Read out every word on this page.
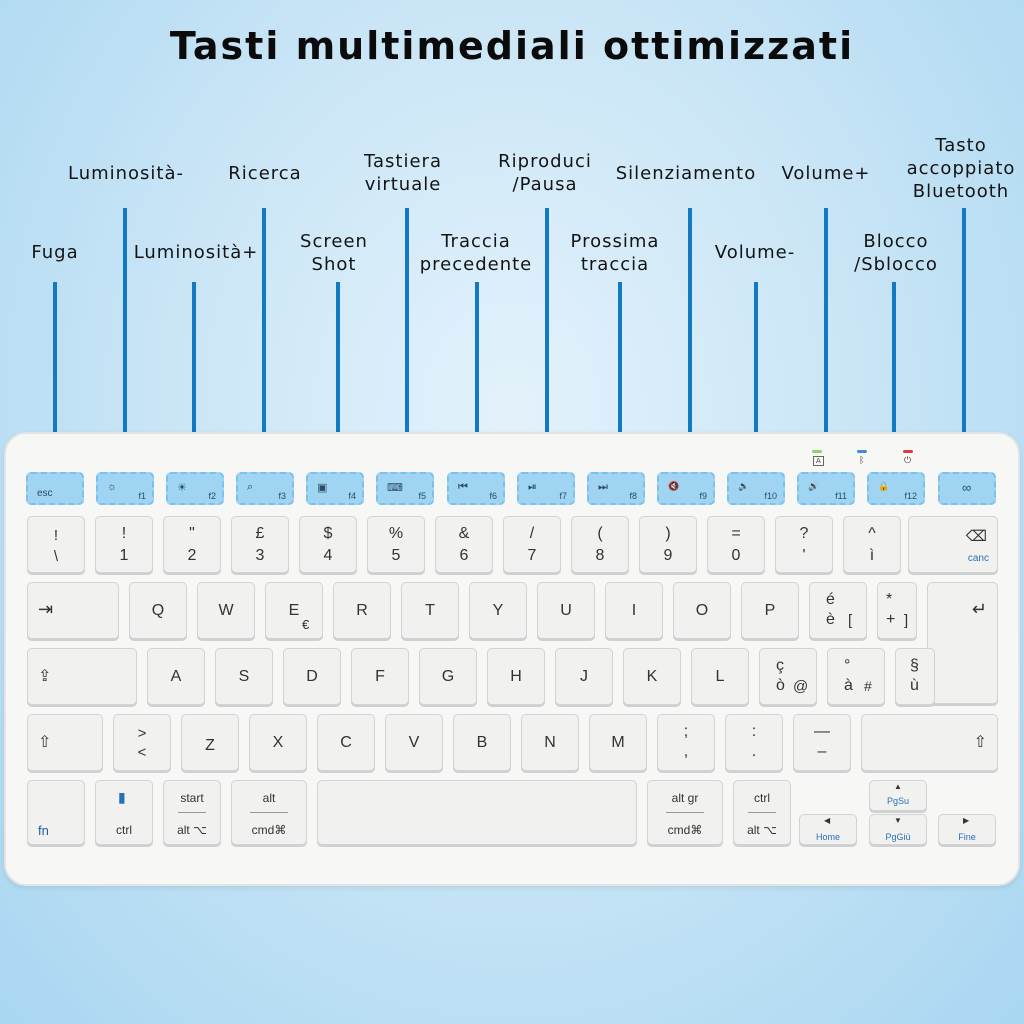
Tasti multimediali ottimizzati
Fuga
Luminosità-
Luminosità+
Ricerca
Screen
Shot
Tastiera
virtuale
Traccia
precedente
Riproduci
/Pausa
Prossima
traccia
Silenziamento
Volume-
Volume+
Blocco
/Sblocco
Tasto
accoppiato
Bluetooth
A	ᛒ	⏻
esc
☼
f1
☀
f2
⌕
f3
▣
f4
⌨
f5
⏮
f6
⏯
f7
⏭
f8
🔇
f9
🔉
f10
🔊
f11
🔒
f12
∞
!
\
!
1
"
2
£
3
$
4
%
5
&
6
/
7
(
8
)
9
=
0
?
'
^
ì
⌫
canc
⇥	Q	W	E
€
R	T	Y	U	I	O	P
é
è [
*
+ ]
↵
⇪	A	S	D	F	G	H	J	K	L
ç
ò @
°
à #
§
ù
⇧
>
<	Z	X	C	V	B	N	M
;
,
:
.
—
–
⇧
fn
▮
ctrl
start
alt ⌥
alt
cmd⌘
alt gr
cmd⌘
ctrl
alt ⌥
◀
Home
▲
PgSu
▼
PgGiù
▶
Fine
